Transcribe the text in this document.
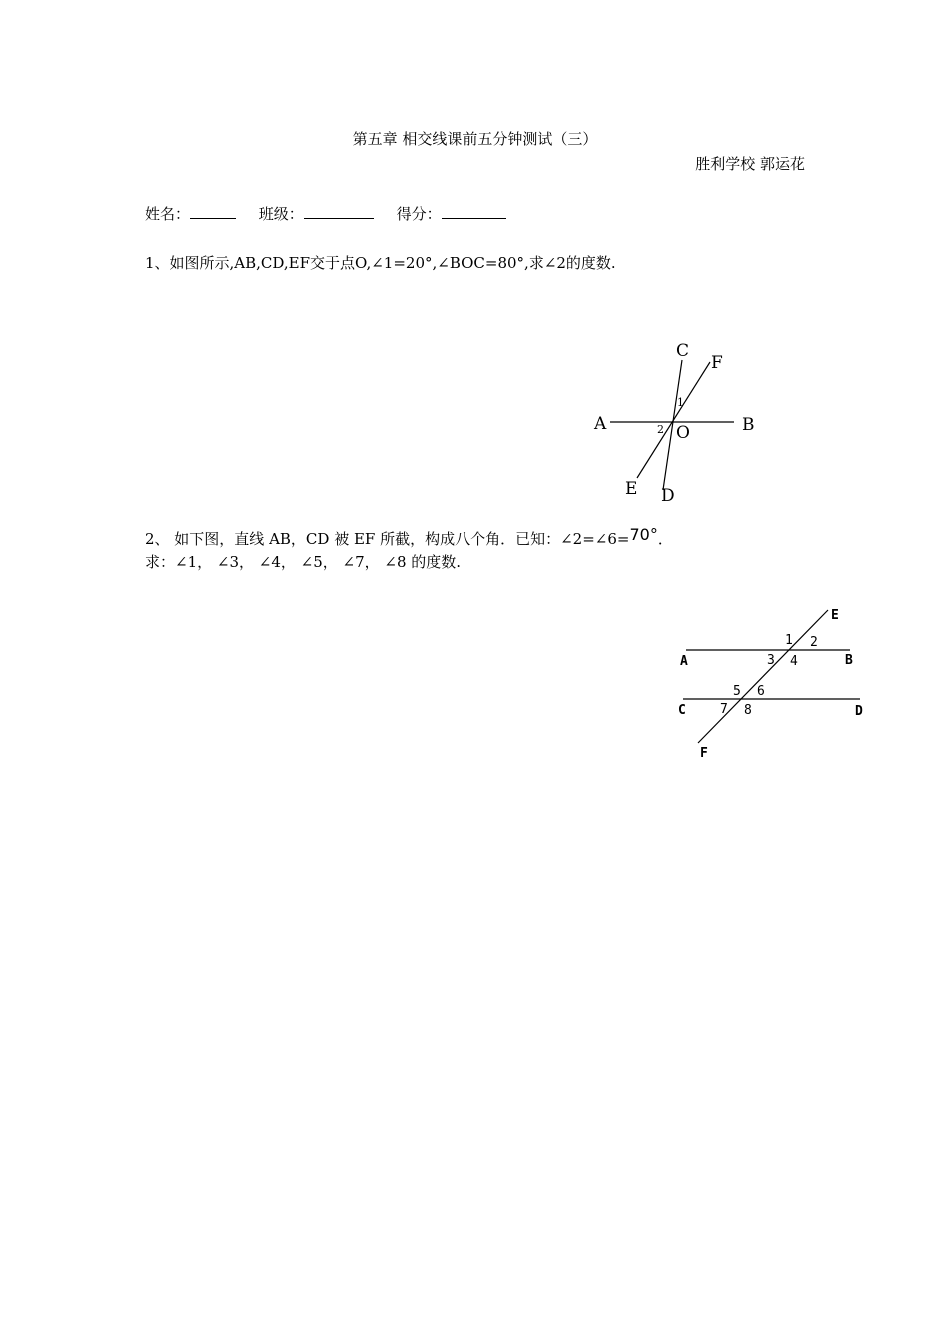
第五章 相交线课前五分钟测试（三）
胜利学校 郭运花
姓名：	班级：	得分：
1、如图所示,AB,CD,EF交于点O,∠1=20°,∠BOC=80°,求∠2的度数.
A	B
C
D
E
F
O
1
2
2、 如下图，直线 AB，CD 被 EF 所截，构成八个角．已知：∠2=∠6=70°．
求：∠1， ∠3， ∠4， ∠5， ∠7， ∠8 的度数.
A	B
C	D
E
F
1 2
3 4
5 6
7 8
